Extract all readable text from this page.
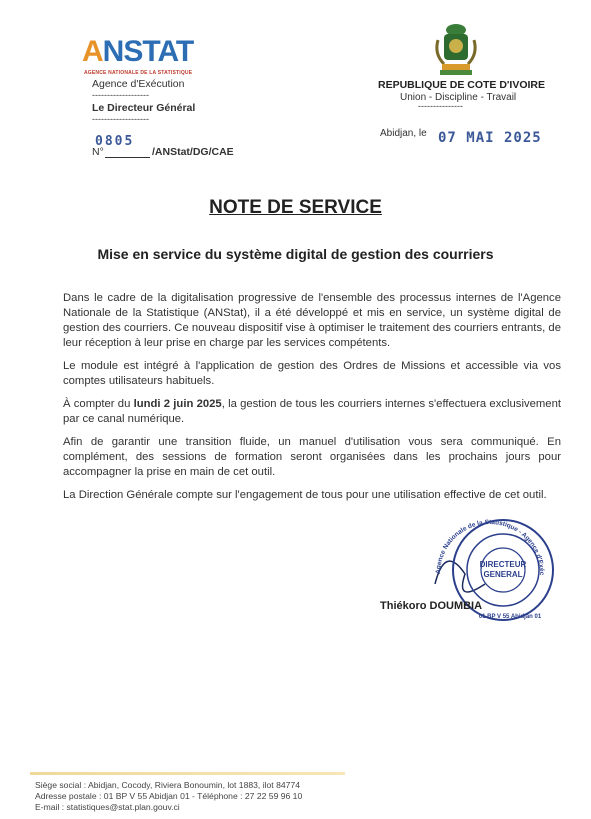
ANSTAT
AGENCE NATIONALE DE LA STATISTIQUE
Agence d'Exécution
-------------------
Le Directeur Général
-------------------
0805
N°	/ANStat/DG/CAE
REPUBLIQUE DE COTE D'IVOIRE
Union - Discipline - Travail
---------------
Abidjan, le 07 MAI 2025
NOTE DE SERVICE
Mise en service du système digital de gestion des courriers

Dans le cadre de la digitalisation progressive de l'ensemble des processus internes de l'Agence Nationale de la Statistique (ANStat), il a été développé et mis en service, un système digital de gestion des courriers. Ce nouveau dispositif vise à optimiser le traitement des courriers entrants, de leur réception à leur prise en charge par les services compétents.

Le module est intégré à l'application de gestion des Ordres de Missions et accessible via vos comptes utilisateurs habituels.

À compter du lundi 2 juin 2025, la gestion de tous les courriers internes s'effectuera exclusivement par ce canal numérique.

Afin de garantir une transition fluide, un manuel d'utilisation vous sera communiqué. En complément, des sessions de formation seront organisées dans les prochains jours pour accompagner la prise en main de cet outil.

La Direction Générale compte sur l'engagement de tous pour une utilisation effective de cet outil.

DIRECTEUR
GENERAL
01 BP V 55 Abidjan 01
Agence Nationale de la Statistique - Agence d'Exéc
Thiékoro DOUMBIA
Siège social : Abidjan, Cocody, Riviera Bonoumin, lot 1883, ilot 84774
Adresse postale : 01 BP V 55 Abidjan 01 - Téléphone : 27 22 59 96 10
E-mail : statistiques@stat.plan.gouv.ci
